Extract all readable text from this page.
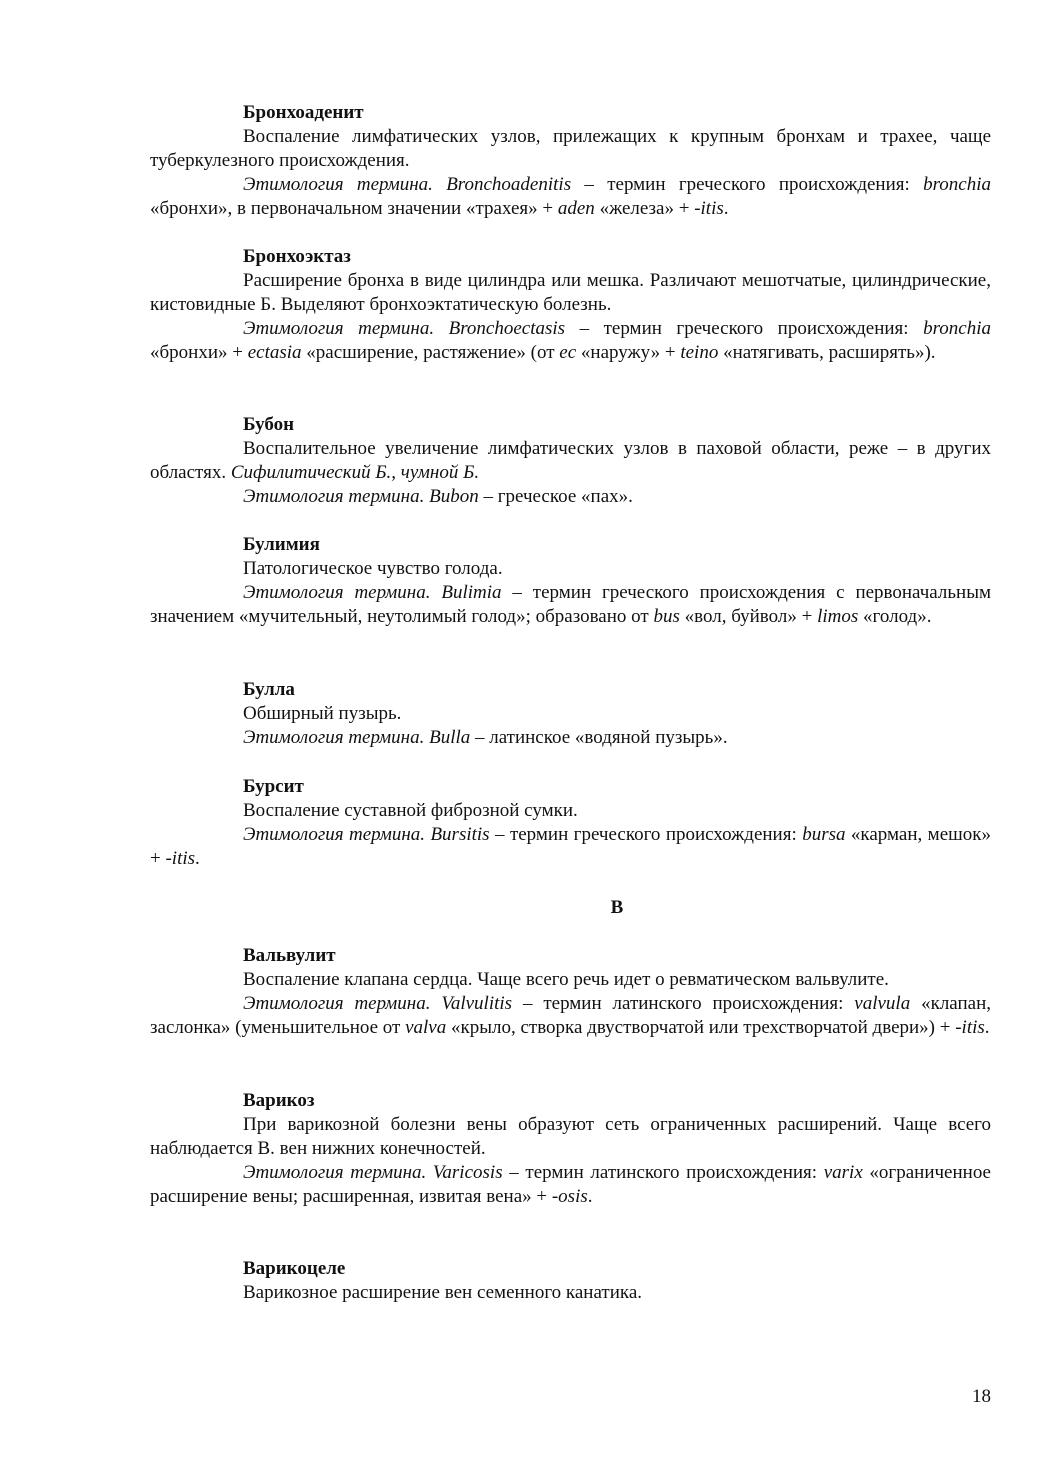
Бронхоаденит

Воспаление лимфатических узлов, прилежащих к крупным бронхам и трахее, чаще туберкулезного происхождения.

Этимология термина. Bronchoadenitis – термин греческого происхождения: bronchia «бронхи», в первоначальном значении «трахея» + aden «железа» + -itis.

Бронхоэктаз

Расширение бронха в виде цилиндра или мешка. Различают мешотчатые, цилиндрические, кистовидные Б. Выделяют бронхоэктатическую болезнь.

Этимология термина. Bronchoectasis – термин греческого происхождения: bronchia «бронхи» + ectasia «расширение, растяжение» (от ec «наружу» + teino «натягивать, расширять»).

Бубон

Воспалительное увеличение лимфатических узлов в паховой области, реже – в других областях. Сифилитический Б., чумной Б.

Этимология термина. Bubon – греческое «пах».

Булимия

Патологическое чувство голода.

Этимология термина. Bulimia – термин греческого происхождения с первоначальным значением «мучительный, неутолимый голод»; образовано от bus «вол, буйвол» + limos «голод».

Булла

Обширный пузырь.

Этимология термина. Bulla – латинское «водяной пузырь».

Бурсит

Воспаление суставной фиброзной сумки.

Этимология термина. Bursitis – термин греческого происхождения: bursa «карман, мешок» + -itis.

Вальвулит

Воспаление клапана сердца. Чаще всего речь идет о ревматическом вальвулите.

Этимология термина. Valvulitis – термин латинского происхождения: valvula «клапан, заслонка» (уменьшительное от valva «крыло, створка двустворчатой или трехстворчатой двери») + -itis.

Варикоз

При варикозной болезни вены образуют сеть ограниченных расширений. Чаще всего наблюдается В. вен нижних конечностей.

Этимология термина. Varicosis – термин латинского происхождения: varix «ограниченное расширение вены; расширенная, извитая вена» + -osis.

Варикоцеле

Варикозное расширение вен семенного канатика.

В
18
